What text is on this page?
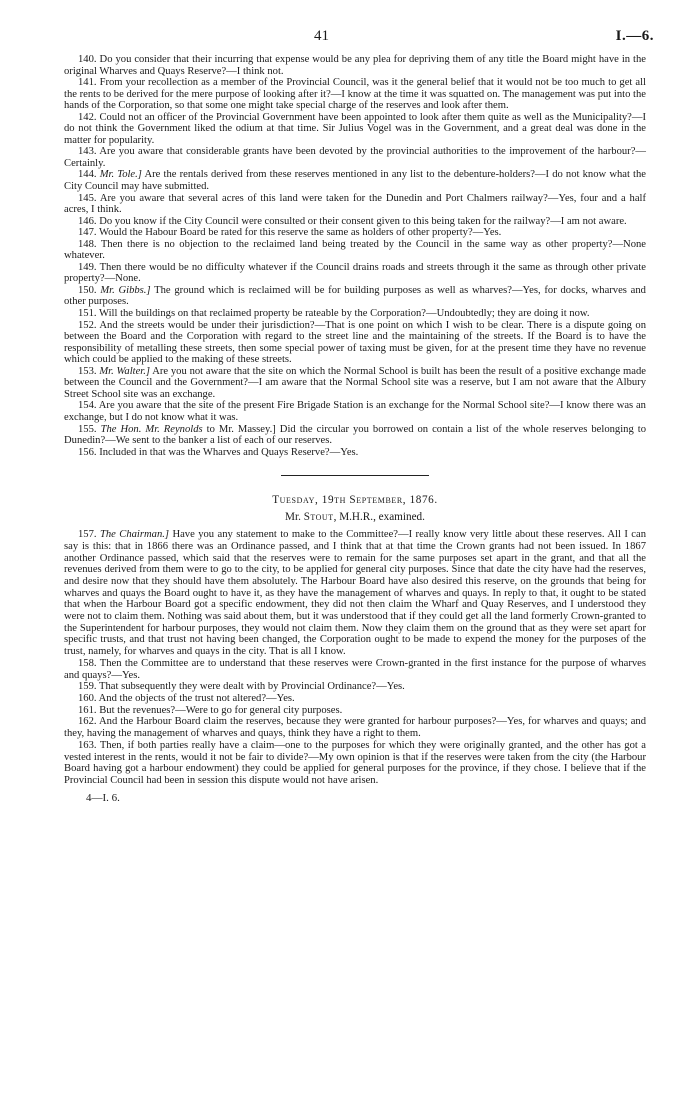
41	I.—6.

140. Do you consider that their incurring that expense would be any plea for depriving them of any title the Board might have in the original Wharves and Quays Reserve?—I think not.

141. From your recollection as a member of the Provincial Council, was it the general belief that it would not be too much to get all the rents to be derived for the mere purpose of looking after it?—I know at the time it was squatted on. The management was put into the hands of the Corporation, so that some one might take special charge of the reserves and look after them.

142. Could not an officer of the Provincial Government have been appointed to look after them quite as well as the Municipality?—I do not think the Government liked the odium at that time. Sir Julius Vogel was in the Government, and a great deal was done in the matter for popularity.

143. Are you aware that considerable grants have been devoted by the provincial authorities to the improvement of the harbour?—Certainly.

144. Mr. Tole.] Are the rentals derived from these reserves mentioned in any list to the debenture-holders?—I do not know what the City Council may have submitted.

145. Are you aware that several acres of this land were taken for the Dunedin and Port Chalmers railway?—Yes, four and a half acres, I think.

146. Do you know if the City Council were consulted or their consent given to this being taken for the railway?—I am not aware.

147. Would the Habour Board be rated for this reserve the same as holders of other property?—Yes.

148. Then there is no objection to the reclaimed land being treated by the Council in the same way as other property?—None whatever.

149. Then there would be no difficulty whatever if the Council drains roads and streets through it the same as through other private property?—None.

150. Mr. Gibbs.] The ground which is reclaimed will be for building purposes as well as wharves?—Yes, for docks, wharves and other purposes.

151. Will the buildings on that reclaimed property be rateable by the Corporation?—Undoubtedly; they are doing it now.

152. And the streets would be under their jurisdiction?—That is one point on which I wish to be clear. There is a dispute going on between the Board and the Corporation with regard to the street line and the maintaining of the streets. If the Board is to have the responsibility of metalling these streets, then some special power of taxing must be given, for at the present time they have no revenue which could be applied to the making of these streets.

153. Mr. Walter.] Are you not aware that the site on which the Normal School is built has been the result of a positive exchange made between the Council and the Government?—I am aware that the Normal School site was a reserve, but I am not aware that the Albury Street School site was an exchange.

154. Are you aware that the site of the present Fire Brigade Station is an exchange for the Normal School site?—I know there was an exchange, but I do not know what it was.

155. The Hon. Mr. Reynolds to Mr. Massey.] Did the circular you borrowed on contain a list of the whole reserves belonging to Dunedin?—We sent to the banker a list of each of our reserves.

156. Included in that was the Wharves and Quays Reserve?—Yes.

Tuesday, 19th September, 1876.

Mr. Stout, M.H.R., examined.

157. The Chairman.] Have you any statement to make to the Committee?—I really know very little about these reserves. All I can say is this: that in 1866 there was an Ordinance passed, and I think that at that time the Crown grants had not been issued. In 1867 another Ordinance passed, which said that the reserves were to remain for the same purposes set apart in the grant, and that all the revenues derived from them were to go to the city, to be applied for general city purposes. Since that date the city have had the reserves, and desire now that they should have them absolutely. The Harbour Board have also desired this reserve, on the grounds that being for wharves and quays the Board ought to have it, as they have the management of wharves and quays. In reply to that, it ought to be stated that when the Harbour Board got a specific endowment, they did not then claim the Wharf and Quay Reserves, and I understood they were not to claim them. Nothing was said about them, but it was understood that if they could get all the land formerly Crown-granted to the Superintendent for harbour purposes, they would not claim them. Now they claim them on the ground that as they were set apart for specific trusts, and that trust not having been changed, the Corporation ought to be made to expend the money for the purposes of the trust, namely, for wharves and quays in the city. That is all I know.

158. Then the Committee are to understand that these reserves were Crown-granted in the first instance for the purpose of wharves and quays?—Yes.

159. That subsequently they were dealt with by Provincial Ordinance?—Yes.

160. And the objects of the trust not altered?—Yes.

161. But the revenues?—Were to go for general city purposes.

162. And the Harbour Board claim the reserves, because they were granted for harbour purposes?—Yes, for wharves and quays; and they, having the management of wharves and quays, think they have a right to them.

163. Then, if both parties really have a claim—one to the purposes for which they were originally granted, and the other has got a vested interest in the rents, would it not be fair to divide?—My own opinion is that if the reserves were taken from the city (the Harbour Board having got a harbour endowment) they could be applied for general purposes for the province, if they chose. I believe that if the Provincial Council had been in session this dispute would not have arisen.

4—I. 6.
